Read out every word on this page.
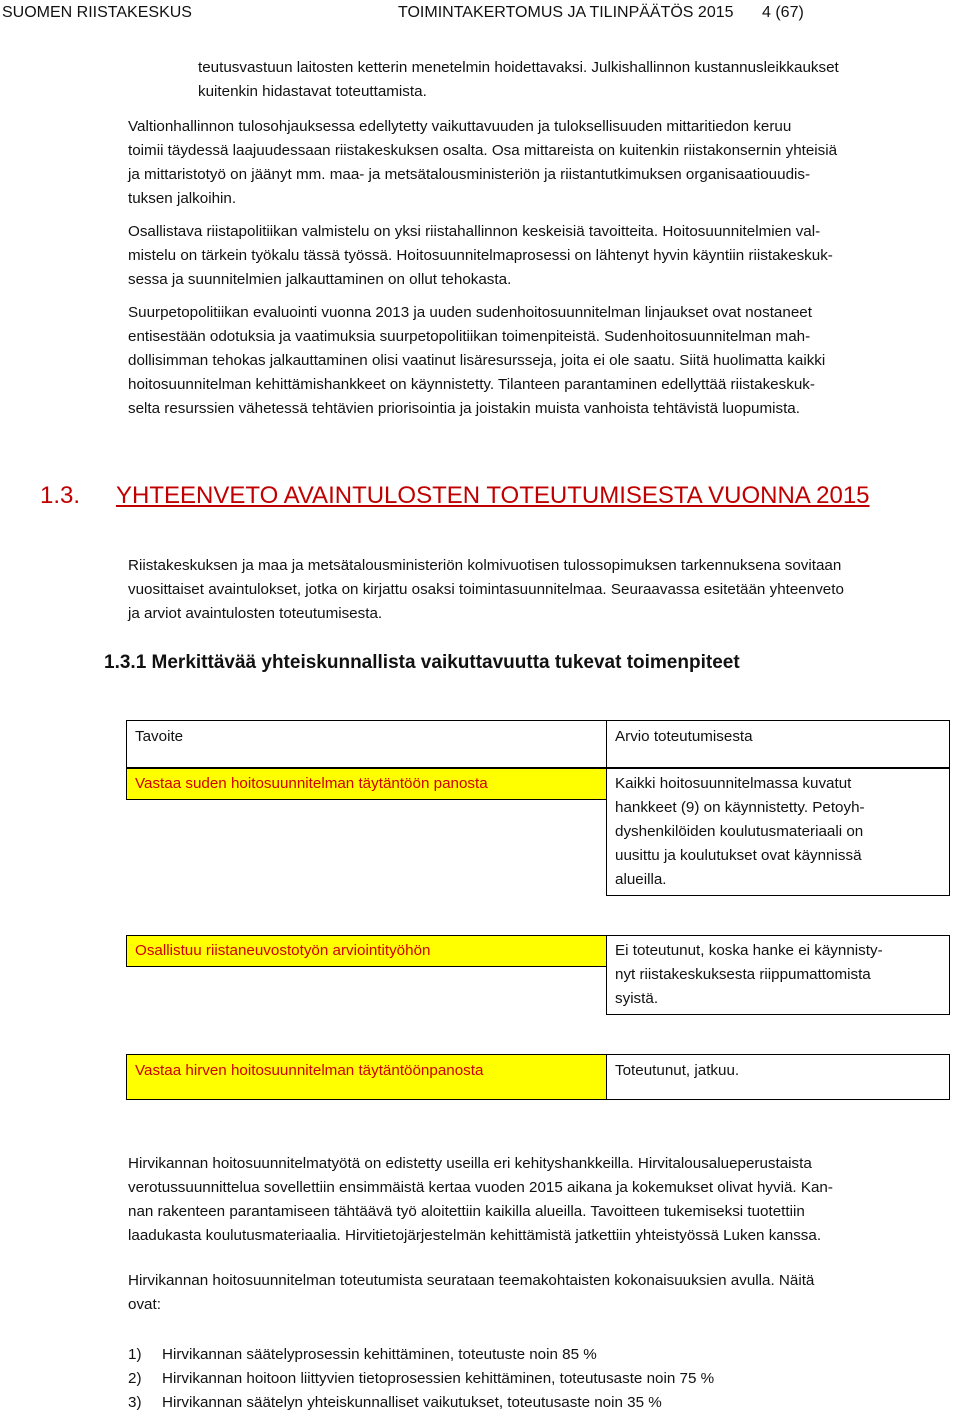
SUOMEN RIISTAKESKUS	TOIMINTAKERTOMUS JA TILINPÄÄTÖS 2015 4 (67)
teutusvastuun laitosten ketterin menetelmin hoidettavaksi. Julkishallinnon kustannusleikkaukset
kuitenkin hidastavat toteuttamista.
Valtionhallinnon tulosohjauksessa edellytetty vaikuttavuuden ja tuloksellisuuden mittaritiedon keruu
toimii täydessä laajuudessaan riistakeskuksen osalta. Osa mittareista on kuitenkin riistakonsernin yhteisiä
ja mittaristotyö on jäänyt mm. maa- ja metsätalousministeriön ja riistantutkimuksen organisaatiouudis-
tuksen jalkoihin.
Osallistava riistapolitiikan valmistelu on yksi riistahallinnon keskeisiä tavoitteita. Hoitosuunnitelmien val-
mistelu on tärkein työkalu tässä työssä. Hoitosuunnitelmaprosessi on lähtenyt hyvin käyntiin riistakeskuk-
sessa ja suunnitelmien jalkauttaminen on ollut tehokasta.
Suurpetopolitiikan evaluointi vuonna 2013 ja uuden sudenhoitosuunnitelman linjaukset ovat nostaneet
entisestään odotuksia ja vaatimuksia suurpetopolitiikan toimenpiteistä. Sudenhoitosuunnitelman mah-
dollisimman tehokas jalkauttaminen olisi vaatinut lisäresursseja, joita ei ole saatu. Siitä huolimatta kaikki
hoitosuunnitelman kehittämishankkeet on käynnistetty. Tilanteen parantaminen edellyttää riistakeskuk-
selta resurssien vähetessä tehtävien priorisointia ja joistakin muista vanhoista tehtävistä luopumista.
1.3. YHTEENVETO AVAINTULOSTEN TOTEUTUMISESTA VUONNA 2015
Riistakeskuksen ja maa ja metsätalousministeriön kolmivuotisen tulossopimuksen tarkennuksena sovitaan
vuosittaiset avaintulokset, jotka on kirjattu osaksi toimintasuunnitelmaa. Seuraavassa esitetään yhteenveto
ja arviot avaintulosten toteutumisesta.
1.3.1 Merkittävää yhteiskunnallista vaikuttavuutta tukevat toimenpiteet
Tavoite	Arvio toteutumisesta
Vastaa suden hoitosuunnitelman täytäntöön panosta	Kaikki hoitosuunnitelmassa kuvatut
hankkeet (9) on käynnistetty. Petoyh-
dyshenkilöiden koulutusmateriaali on
uusittu ja koulutukset ovat käynnissä
alueilla.
Osallistuu riistaneuvostotyön arviointityöhön	Ei toteutunut, koska hanke ei käynnisty-
nyt riistakeskuksesta riippumattomista
syistä.
Vastaa hirven hoitosuunnitelman täytäntöönpanosta	Toteutunut, jatkuu.
Hirvikannan hoitosuunnitelmatyötä on edistetty useilla eri kehityshankkeilla. Hirvitalousalueperustaista
verotussuunnittelua sovellettiin ensimmäistä kertaa vuoden 2015 aikana ja kokemukset olivat hyviä. Kan-
nan rakenteen parantamiseen tähtäävä työ aloitettiin kaikilla alueilla. Tavoitteen tukemiseksi tuotettiin
laadukasta koulutusmateriaalia. Hirvitietojärjestelmän kehittämistä jatkettiin yhteistyössä Luken kanssa.
Hirvikannan hoitosuunnitelman toteutumista seurataan teemakohtaisten kokonaisuuksien avulla. Näitä
ovat:
1) Hirvikannan säätelyprosessin kehittäminen, toteutuste noin 85 %
2) Hirvikannan hoitoon liittyvien tietoprosessien kehittäminen, toteutusaste noin 75 %
3) Hirvikannan säätelyn yhteiskunnalliset vaikutukset, toteutusaste noin 35 %
